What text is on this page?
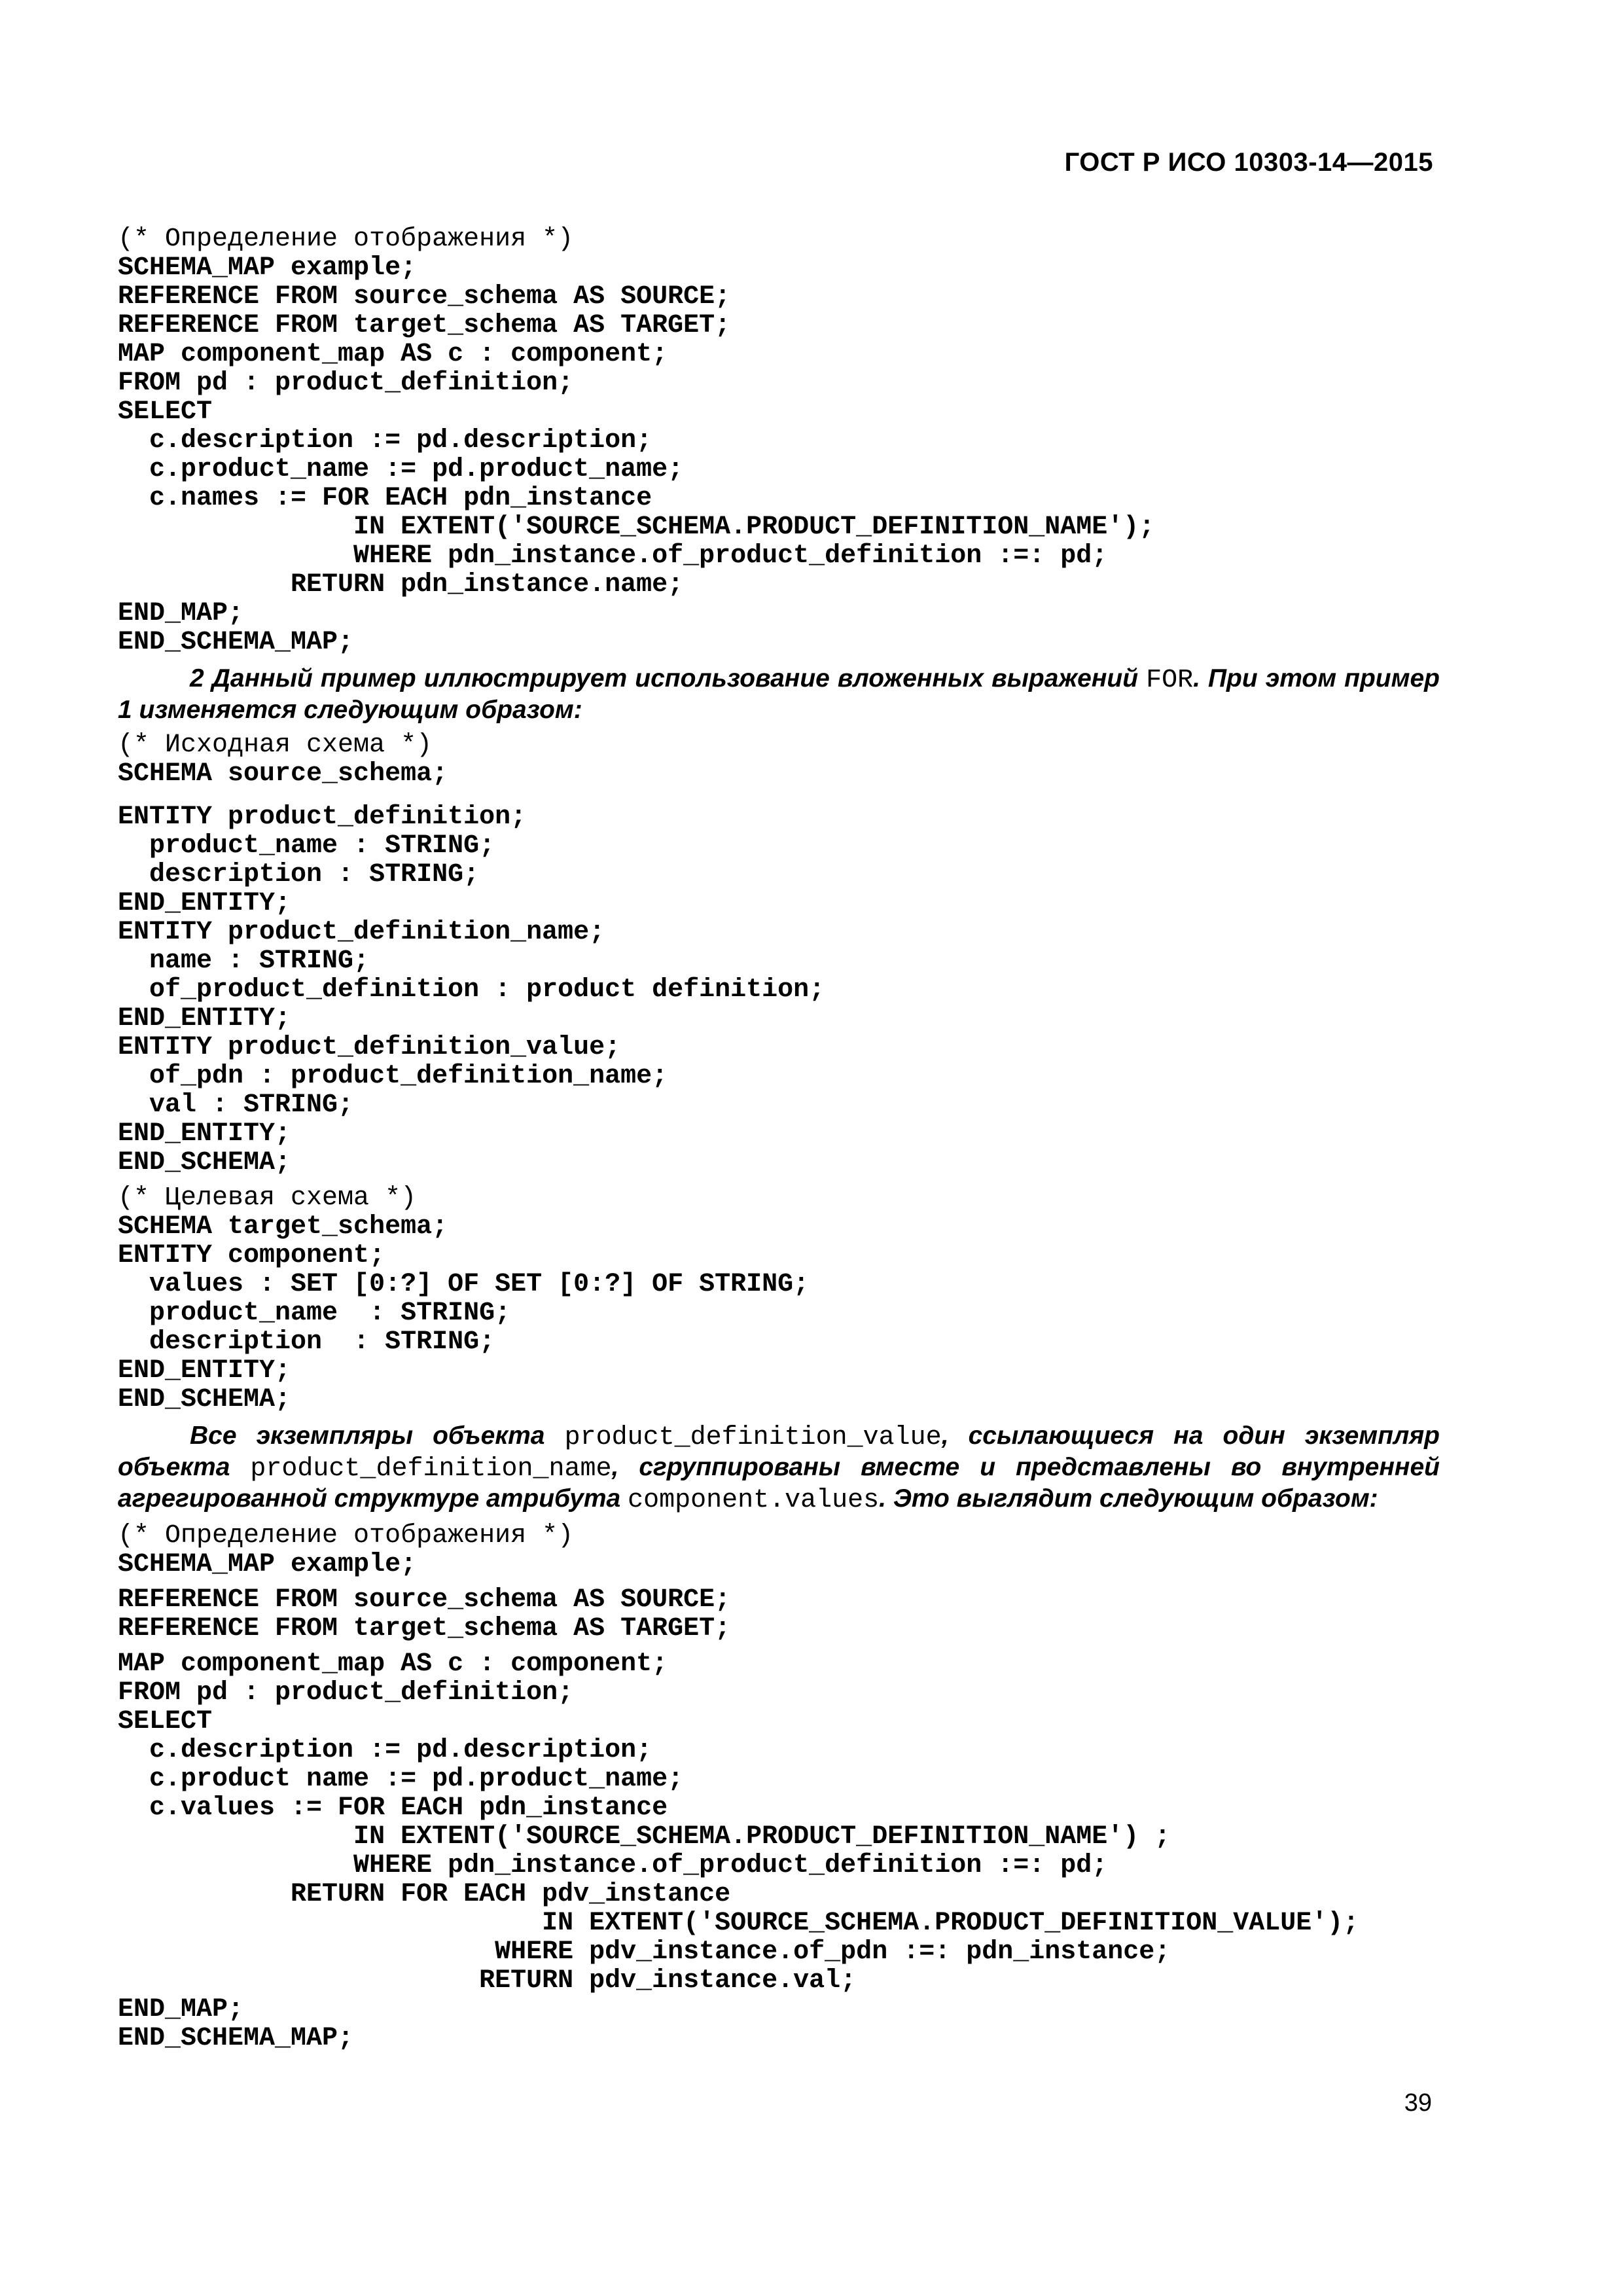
ГОСТ Р ИСО 10303-14—2015
(* Определение отображения *)
SCHEMA_MAP example;
REFERENCE FROM source_schema AS SOURCE;
REFERENCE FROM target_schema AS TARGET;
MAP component_map AS c : component;
FROM pd : product_definition;
SELECT
c.description := pd.description;
c.product_name := pd.product_name;
c.names := FOR EACH pdn_instance
IN EXTENT('SOURCE_SCHEMA.PRODUCT_DEFINITION_NAME');
WHERE pdn_instance.of_product_definition :=: pd;
RETURN pdn_instance.name;
END_MAP;
END_SCHEMA_MAP;

2 Данный пример иллюстрирует использование вложенных выражений FOR. При этом пример 1 изменяется следующим образом:

(* Исходная схема *)
SCHEMA source_schema;
ENTITY product_definition;
product_name : STRING;
description : STRING;
END_ENTITY;
ENTITY product_definition_name;
name : STRING;
of_product_definition : product definition;
END_ENTITY;
ENTITY product_definition_value;
of_pdn : product_definition_name;
val : STRING;
END_ENTITY;
END_SCHEMA;
(* Целевая схема *)
SCHEMA target_schema;
ENTITY component;
values : SET [0:?] OF SET [0:?] OF STRING;
product_name  : STRING;
description  : STRING;
END_ENTITY;
END_SCHEMA;

Все экземпляры объекта product_definition_value, ссылающиеся на один экземпляр объекта product_definition_name, сгруппированы вместе и представлены во внутренней агрегированной структуре атрибута component.values. Это выглядит следующим образом:

(* Определение отображения *)
SCHEMA_MAP example;
REFERENCE FROM source_schema AS SOURCE;
REFERENCE FROM target_schema AS TARGET;
MAP component_map AS c : component;
FROM pd : product_definition;
SELECT
c.description := pd.description;
c.product name := pd.product_name;
c.values := FOR EACH pdn_instance
IN EXTENT('SOURCE_SCHEMA.PRODUCT_DEFINITION_NAME') ;
WHERE pdn_instance.of_product_definition :=: pd;
RETURN FOR EACH pdv_instance
IN EXTENT('SOURCE_SCHEMA.PRODUCT_DEFINITION_VALUE');
WHERE pdv_instance.of_pdn :=: pdn_instance;
RETURN pdv_instance.val;
END_MAP;
END_SCHEMA_MAP;
39
